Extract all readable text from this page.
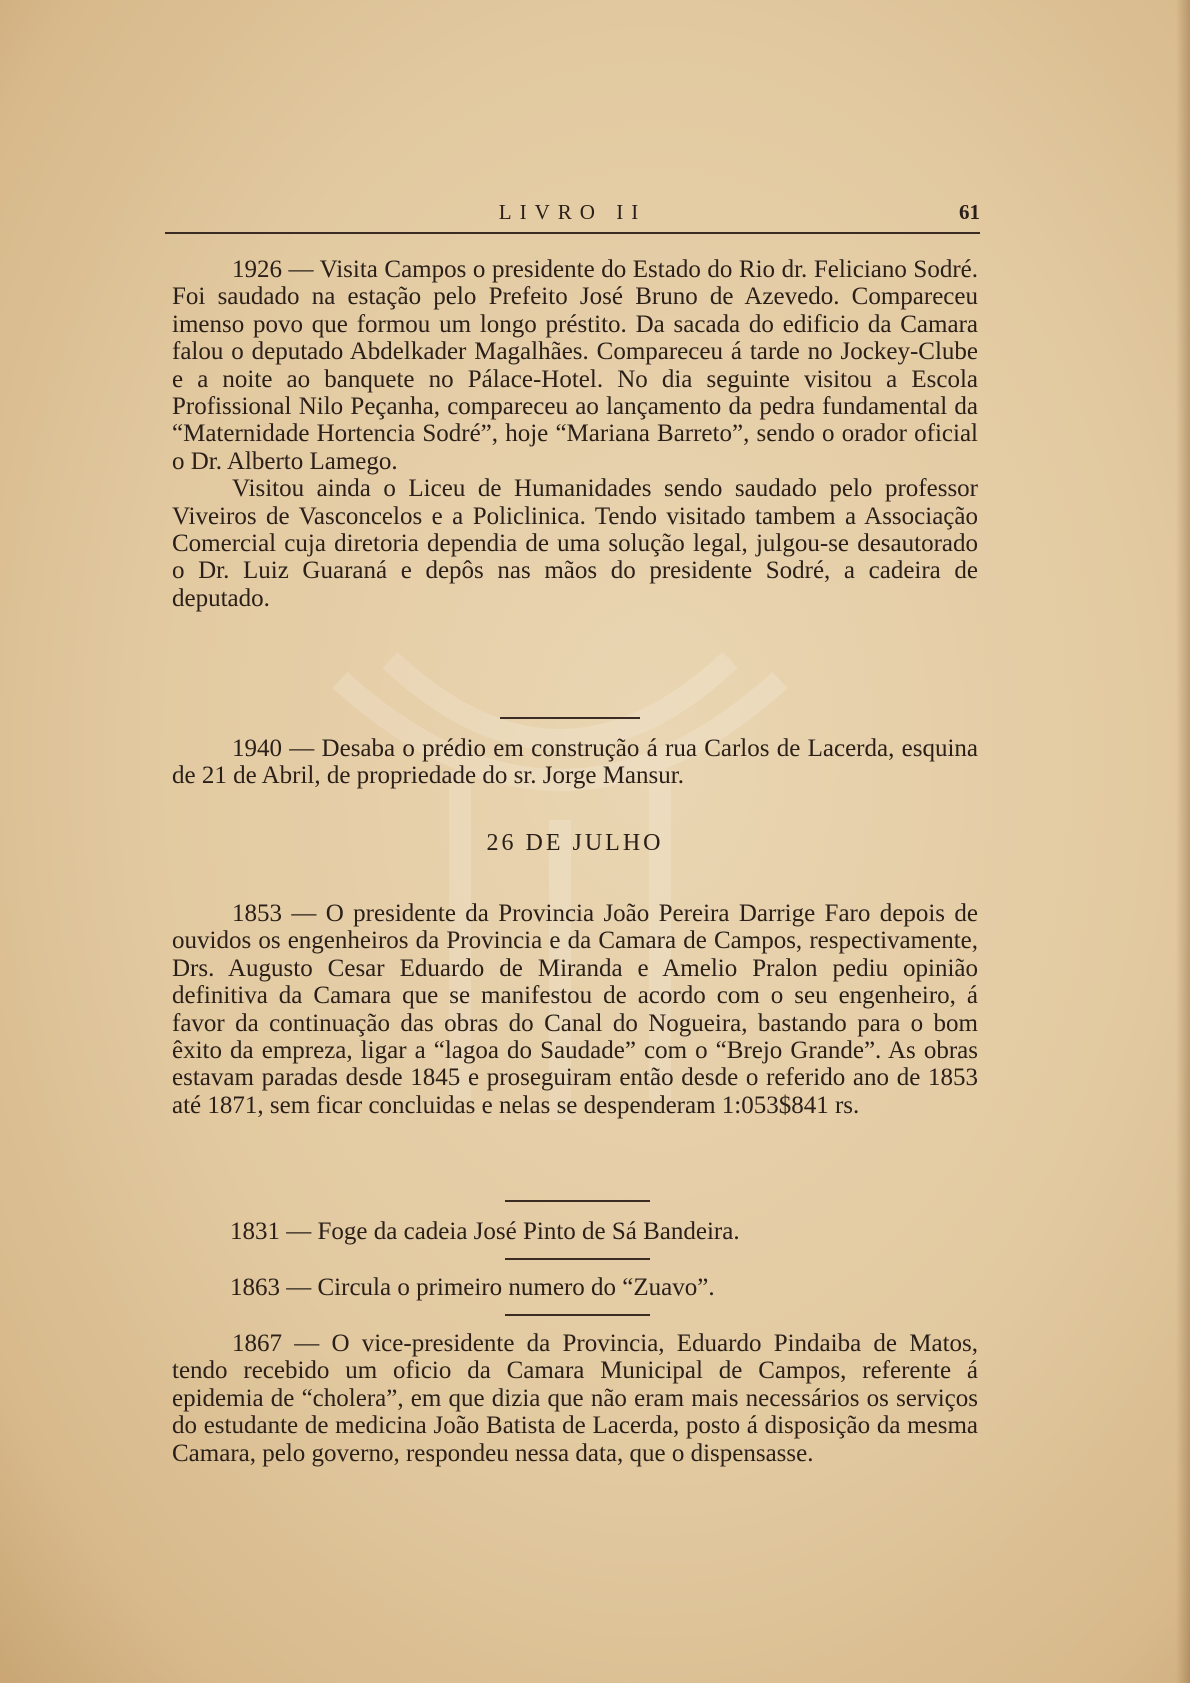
LIVRO II	61

1926 — Visita Campos o presidente do Estado do Rio dr. Feliciano Sodré. Foi saudado na estação pelo Prefeito José Bruno de Azevedo. Compareceu imenso povo que formou um longo préstito. Da sacada do edificio da Camara falou o deputado Abdelkader Magalhães. Compareceu á tarde no Jockey-Clube e a noite ao banquete no Pálace-Hotel. No dia seguinte visitou a Escola Profissional Nilo Peçanha, compareceu ao lançamento da pedra fundamental da “Maternidade Hortencia Sodré”, hoje “Mariana Barreto”, sendo o orador oficial o Dr. Alberto Lamego.

Visitou ainda o Liceu de Humanidades sendo saudado pelo professor Viveiros de Vasconcelos e a Policlinica. Tendo visitado tambem a Associação Comercial cuja diretoria dependia de uma solução legal, julgou-se desautorado o Dr. Luiz Guaraná e depôs nas mãos do presidente Sodré, a cadeira de deputado.

1940 — Desaba o prédio em construção á rua Carlos de Lacerda, esquina de 21 de Abril, de propriedade do sr. Jorge Mansur.

26 DE JULHO

1853 — O presidente da Provincia João Pereira Darrige Faro depois de ouvidos os engenheiros da Provincia e da Camara de Campos, respectivamente, Drs. Augusto Cesar Eduardo de Miranda e Amelio Pralon pediu opinião definitiva da Camara que se manifestou de acordo com o seu engenheiro, á favor da continuação das obras do Canal do Nogueira, bastando para o bom êxito da empreza, ligar a “lagoa do Saudade” com o “Brejo Grande”. As obras estavam paradas desde 1845 e proseguiram então desde o referido ano de 1853 até 1871, sem ficar concluidas e nelas se despenderam 1:053$841 rs.

1831 — Foge da cadeia José Pinto de Sá Bandeira.
1863 — Circula o primeiro numero do “Zuavo”.

1867 — O vice-presidente da Provincia, Eduardo Pindaiba de Matos, tendo recebido um oficio da Camara Municipal de Campos, referente á epidemia de “cholera”, em que dizia que não eram mais necessários os serviços do estudante de medicina João Batista de Lacerda, posto á disposição da mesma Camara, pelo governo, respondeu nessa data, que o dispensasse.
